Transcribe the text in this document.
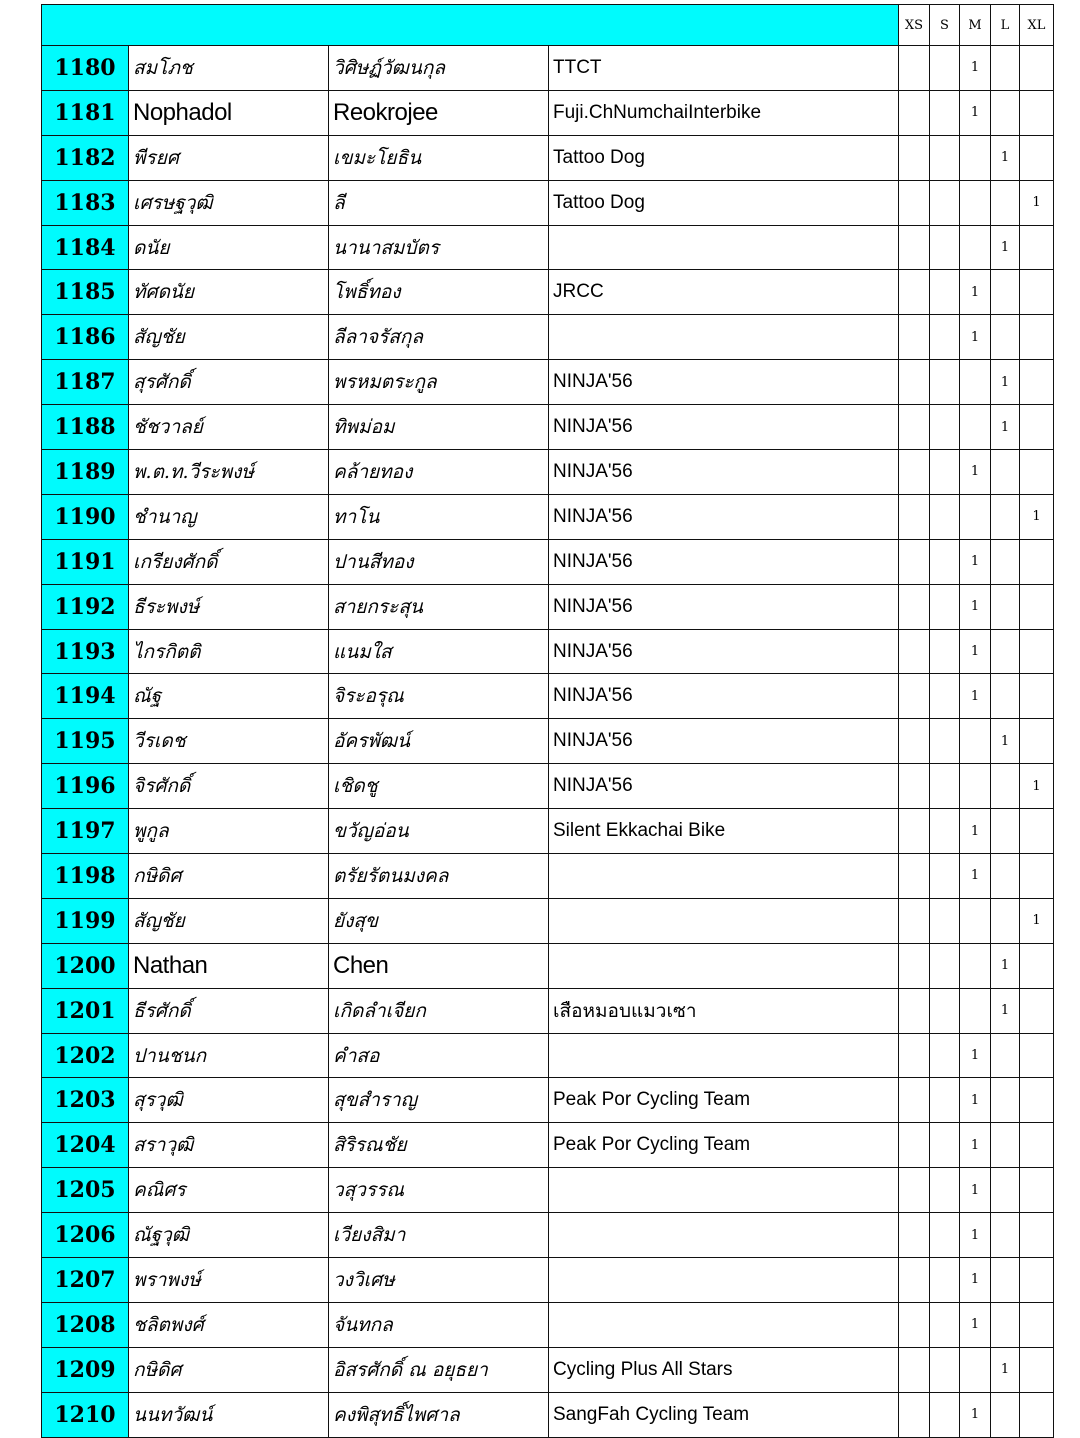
				XS	S	M	L	XL
1180	สมโภช	วิศิษฏ์วัฒนกุล	TTCT			1		
1181	Nophadol	Reokrojee	Fuji.ChNumchaiInterbike			1		
1182	พีรยศ	เขมะโยธิน	Tattoo Dog				1	
1183	เศรษฐวุฒิ	ลี	Tattoo Dog					1
1184	ดนัย	นานาสมบัตร					1	
1185	ทัศดนัย	โพธิ์ทอง	JRCC			1		
1186	สัญชัย	ลีลาจรัสกุล				1		
1187	สุรศักดิ์	พรหมตระกูล	NINJA'56				1	
1188	ชัชวาลย์	ทิพม่อม	NINJA'56				1	
1189	พ.ต.ท.วีระพงษ์	คล้ายทอง	NINJA'56			1		
1190	ชำนาญ	ทาโน	NINJA'56					1
1191	เกรียงศักดิ์	ปานสีทอง	NINJA'56			1		
1192	ธีระพงษ์	สายกระสุน	NINJA'56			1		
1193	ไกรกิตติ	แนมใส	NINJA'56			1		
1194	ณัฐ	จิระอรุณ	NINJA'56			1		
1195	วีรเดช	อัครพัฒน์	NINJA'56				1	
1196	จิรศักดิ์	เชิดชู	NINJA'56					1
1197	พูกูล	ขวัญอ่อน	Silent Ekkachai Bike			1		
1198	กษิดิศ	ตรัยรัตนมงคล				1		
1199	สัญชัย	ยังสุข						1
1200	Nathan	Chen					1	
1201	ธีรศักดิ์	เกิดลำเจียก	เสือหมอบแมวเซา				1	
1202	ปานชนก	คำสอ				1		
1203	สุรวุฒิ	สุขสำราญ	Peak Por Cycling Team			1		
1204	สราวุฒิ	สิริรณชัย	Peak Por Cycling Team			1		
1205	คณิศร	วสุวรรณ				1		
1206	ณัฐวุฒิ	เวียงสิมา				1		
1207	พราพงษ์	วงวิเศษ				1		
1208	ชลิตพงศ์	จันทกล				1		
1209	กษิดิศ	อิสรศักดิ์ ณ อยุธยา	Cycling Plus All Stars				1	
1210	นนทวัฒน์	คงพิสุทธิ์ไพศาล	SangFah Cycling Team			1		
